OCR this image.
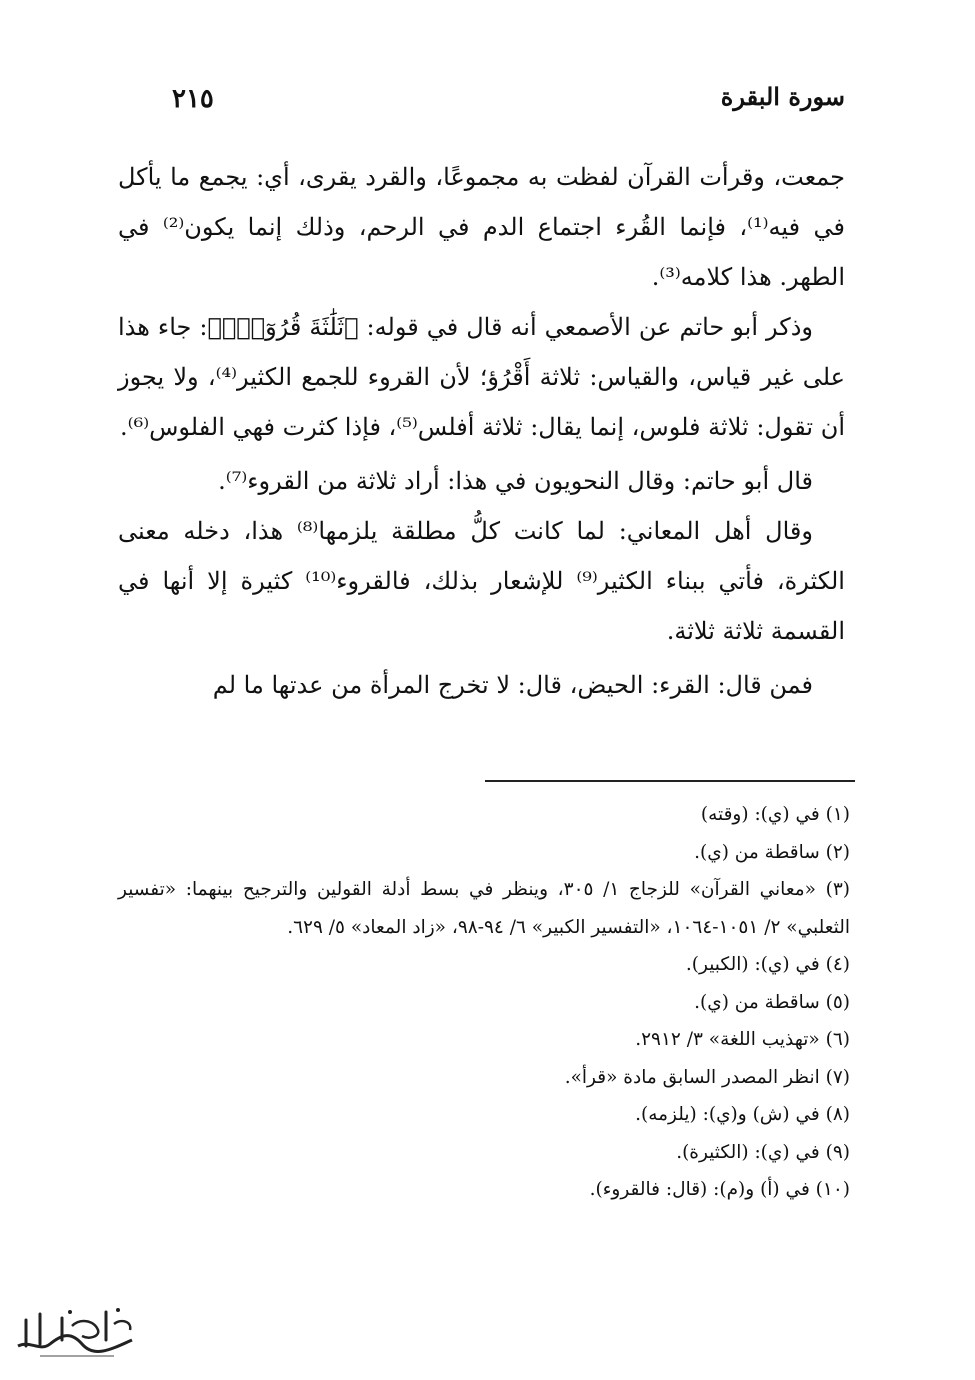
سورة البقرة
٢١٥

جمعت، وقرأت القرآن لفظت به مجموعًا، والقرد يقرى، أي: يجمع ما يأكل في فيه⁽¹⁾، فإنما القُرء اجتماع الدم في الرحم، وذلك إنما يكون⁽²⁾ في الطهر. هذا كلامه⁽³⁾.

وذكر أبو حاتم عن الأصمعي أنه قال في قوله: ﴿ثَلَٰثَةَ قُرُوٓءٍۚ﴾: جاء هذا على غير قياس، والقياس: ثلاثة أَقْرُؤ؛ لأن القروء للجمع الكثير⁽⁴⁾، ولا يجوز أن تقول: ثلاثة فلوس، إنما يقال: ثلاثة أفلس⁽⁵⁾، فإذا كثرت فهي الفلوس⁽⁶⁾.

قال أبو حاتم: وقال النحويون في هذا: أراد ثلاثة من القروء⁽⁷⁾.

وقال أهل المعاني: لما كانت كلُّ مطلقة يلزمها⁽⁸⁾ هذا، دخله معنى الكثرة، فأتي ببناء الكثير⁽⁹⁾ للإشعار بذلك، فالقروء⁽¹⁰⁾ كثيرة إلا أنها في القسمة ثلاثة ثلاثة.

فمن قال: القرء: الحيض، قال: لا تخرج المرأة من عدتها ما لم

(١) في (ي): (وقته)

(٢) ساقطة من (ي).

(٣) «معاني القرآن» للزجاج ١/ ٣٠٥، وينظر في بسط أدلة القولين والترجيح بينهما: «تفسير الثعلبي» ٢/ ١٠٥١-١٠٦٤، «التفسير الكبير» ٦/ ٩٤-٩٨، «زاد المعاد» ٥/ ٦٢٩.

(٤) في (ي): (الكبير).

(٥) ساقطة من (ي).

(٦) «تهذيب اللغة» ٣/ ٢٩١٢.

(٧) انظر المصدر السابق مادة «قرأ».

(٨) في (ش) و(ي): (يلزمه).

(٩) في (ي): (الكثيرة).

(١٠) في (أ) و(م): (قال: فالقروء).
